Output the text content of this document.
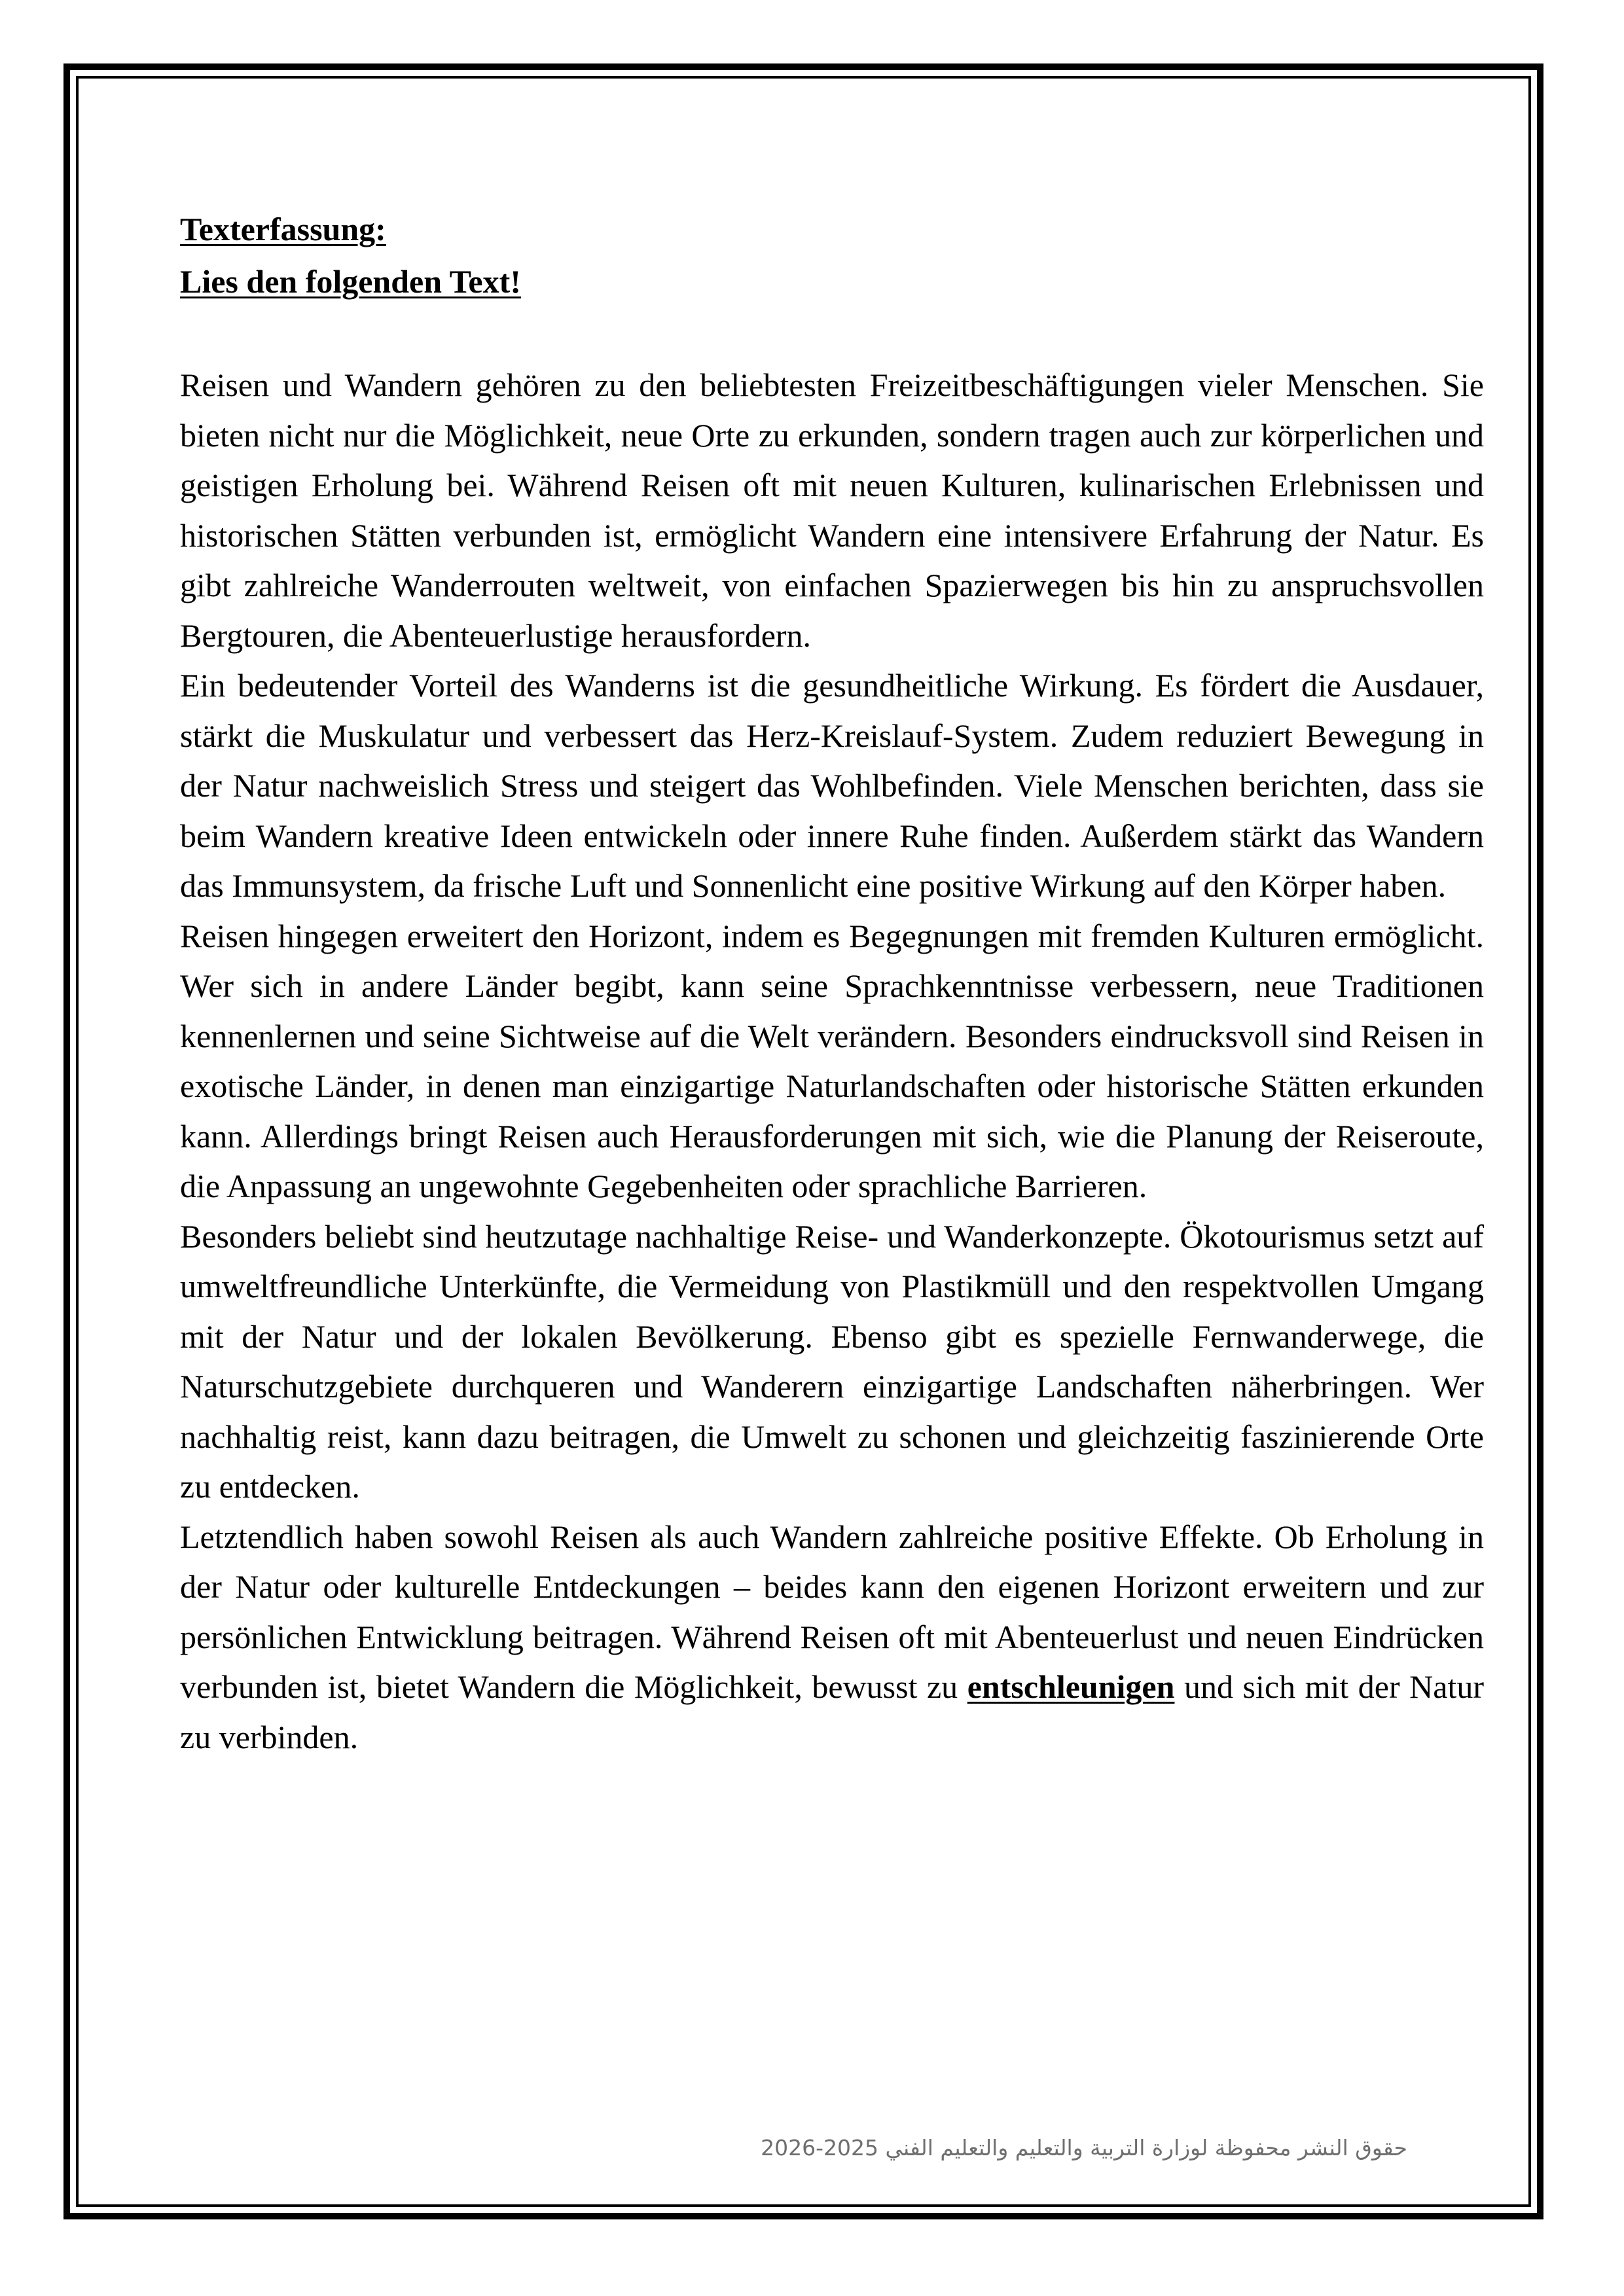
Texterfassung:
Lies den folgenden Text!

Reisen und Wandern gehören zu den beliebtesten Freizeitbeschäftigungen vieler Menschen. Sie bieten nicht nur die Möglichkeit, neue Orte zu erkunden, sondern tragen auch zur körperlichen und geistigen Erholung bei. Während Reisen oft mit neuen Kulturen, kulinarischen Erlebnissen und historischen Stätten verbunden ist, ermöglicht Wandern eine intensivere Erfahrung der Natur. Es gibt zahlreiche Wanderrouten weltweit, von einfachen Spazierwegen bis hin zu anspruchsvollen Bergtouren, die Abenteuerlustige herausfordern.

Ein bedeutender Vorteil des Wanderns ist die gesundheitliche Wirkung. Es fördert die Ausdauer, stärkt die Muskulatur und verbessert das Herz-Kreislauf-System. Zudem reduziert Bewegung in der Natur nachweislich Stress und steigert das Wohlbefinden. Viele Menschen berichten, dass sie beim Wandern kreative Ideen entwickeln oder innere Ruhe finden. Außerdem stärkt das Wandern das Immunsystem, da frische Luft und Sonnenlicht eine positive Wirkung auf den Körper haben.

Reisen hingegen erweitert den Horizont, indem es Begegnungen mit fremden Kulturen ermöglicht. Wer sich in andere Länder begibt, kann seine Sprachkenntnisse verbessern, neue Traditionen kennenlernen und seine Sichtweise auf die Welt verändern. Besonders eindrucksvoll sind Reisen in exotische Länder, in denen man einzigartige Naturlandschaften oder historische Stätten erkunden kann. Allerdings bringt Reisen auch Herausforderungen mit sich, wie die Planung der Reiseroute, die Anpassung an ungewohnte Gegebenheiten oder sprachliche Barrieren.

Besonders beliebt sind heutzutage nachhaltige Reise- und Wanderkonzepte. Ökotourismus setzt auf umweltfreundliche Unterkünfte, die Vermeidung von Plastikmüll und den respektvollen Umgang mit der Natur und der lokalen Bevölkerung. Ebenso gibt es spezielle Fernwanderwege, die Naturschutzgebiete durchqueren und Wanderern einzigartige Landschaften näherbringen. Wer nachhaltig reist, kann dazu beitragen, die Umwelt zu schonen und gleichzeitig faszinierende Orte zu entdecken.

Letztendlich haben sowohl Reisen als auch Wandern zahlreiche positive Effekte. Ob Erholung in der Natur oder kulturelle Entdeckungen – beides kann den eigenen Horizont erweitern und zur persönlichen Entwicklung beitragen. Während Reisen oft mit Abenteuerlust und neuen Eindrücken verbunden ist, bietet Wandern die Möglichkeit, bewusst zu entschleunigen und sich mit der Natur zu verbinden.

حقوق النشر محفوظة لوزارة التربية والتعليم والتعليم الفني 2025-2026
